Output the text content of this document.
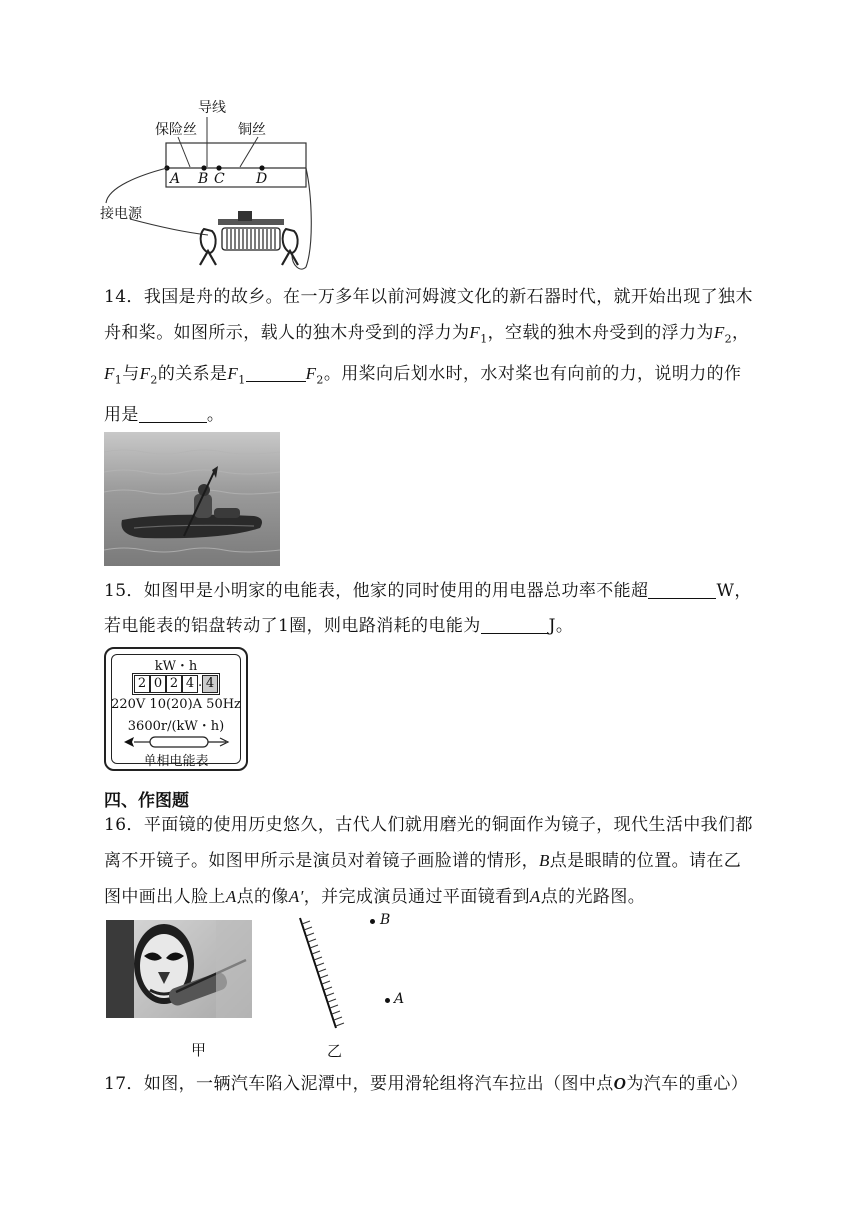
导线
保险丝	铜丝
接电源
A B C D
14．我国是舟的故乡。在一万多年以前河姆渡文化的新石器时代，就开始出现了独木
舟和桨。如图所示，载人的独木舟受到的浮力为$F_1$，空载的独木舟受到的浮力为$F_2$，
$F_1$与$F_2$的关系是$F_1$	$F_2$。用桨向后划水时，水对桨也有向前的力，说明力的作
用是	。
15．如图甲是小明家的电能表，他家的同时使用的用电器总功率不能超	W，
若电能表的铝盘转动了1圈，则电路消耗的电能为	J。
kW・h
2 0 2 4 . 4
220V 10(20)A 50Hz
3600r/(kW・h)
单相电能表
四、作图题
16．平面镜的使用历史悠久，古代人们就用磨光的铜面作为镜子，现代生活中我们都
离不开镜子。如图甲所示是演员对着镜子画脸谱的情形，B点是眼睛的位置。请在乙
图中画出人脸上A点的像A′，并完成演员通过平面镜看到A点的光路图。
甲	乙
B
A
17．如图，一辆汽车陷入泥潭中，要用滑轮组将汽车拉出（图中点O为汽车的重心）
